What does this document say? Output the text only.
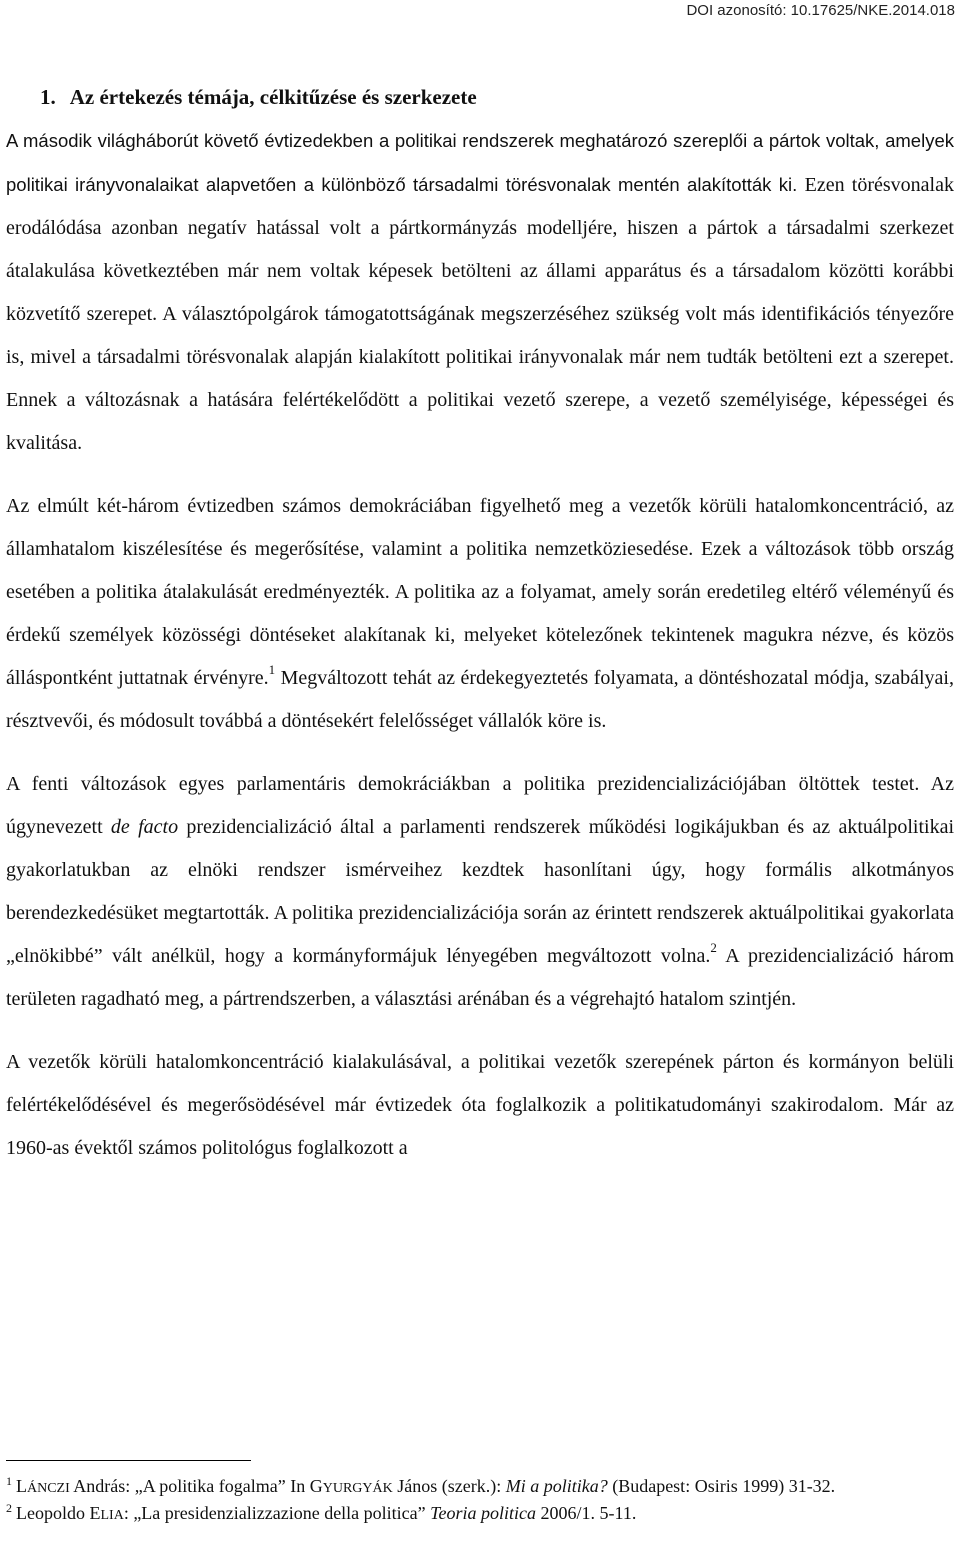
DOI azonosító: 10.17625/NKE.2014.018
1. Az értekezés témája, célkitűzése és szerkezete

A második világháborút követő évtizedekben a politikai rendszerek meghatározó szereplői a pártok voltak, amelyek politikai irányvonalaikat alapvetően a különböző társadalmi törésvonalak mentén alakították ki. Ezen törésvonalak erodálódása azonban negatív hatással volt a pártkormányzás modelljére, hiszen a pártok a társadalmi szerkezet átalakulása következtében már nem voltak képesek betölteni az állami apparátus és a társadalom közötti korábbi közvetítő szerepet. A választópolgárok támogatottságának megszerzéséhez szükség volt más identifikációs tényezőre is, mivel a társadalmi törésvonalak alapján kialakított politikai irányvonalak már nem tudták betölteni ezt a szerepet. Ennek a változásnak a hatására felértékelődött a politikai vezető szerepe, a vezető személyisége, képességei és kvalitása.

Az elmúlt két-három évtizedben számos demokráciában figyelhető meg a vezetők körüli hatalomkoncentráció, az államhatalom kiszélesítése és megerősítése, valamint a politika nemzetköziesedése. Ezek a változások több ország esetében a politika átalakulását eredményezték. A politika az a folyamat, amely során eredetileg eltérő véleményű és érdekű személyek közösségi döntéseket alakítanak ki, melyeket kötelezőnek tekintenek magukra nézve, és közös álláspontként juttatnak érvényre.$^1$ Megváltozott tehát az érdekegyeztetés folyamata, a döntéshozatal módja, szabályai, résztvevői, és módosult továbbá a döntésekért felelősséget vállalók köre is.

A fenti változások egyes parlamentáris demokráciákban a politika prezidencializációjában öltöttek testet. Az úgynevezett de facto prezidencializáció által a parlamenti rendszerek működési logikájukban és az aktuálpolitikai gyakorlatukban az elnöki rendszer ismérveihez kezdtek hasonlítani úgy, hogy formális alkotmányos berendezkedésüket megtartották. A politika prezidencializációja során az érintett rendszerek aktuálpolitikai gyakorlata „elnökibbé” vált anélkül, hogy a kormányformájuk lényegében megváltozott volna.$^2$ A prezidencializáció három területen ragadható meg, a pártrendszerben, a választási arénában és a végrehajtó hatalom szintjén.

A vezetők körüli hatalomkoncentráció kialakulásával, a politikai vezetők szerepének párton és kormányon belüli felértékelődésével és megerősödésével már évtizedek óta foglalkozik a politikatudományi szakirodalom. Már az 1960-as évektől számos politológus foglalkozott a

$^1$ LÁNCZI András: „A politika fogalma” In GYURGYÁK János (szerk.): Mi a politika? (Budapest: Osiris 1999) 31-32.

$^2$ Leopoldo ELIA: „La presidenzializzazione della politica” Teoria politica 2006/1. 5-11.
